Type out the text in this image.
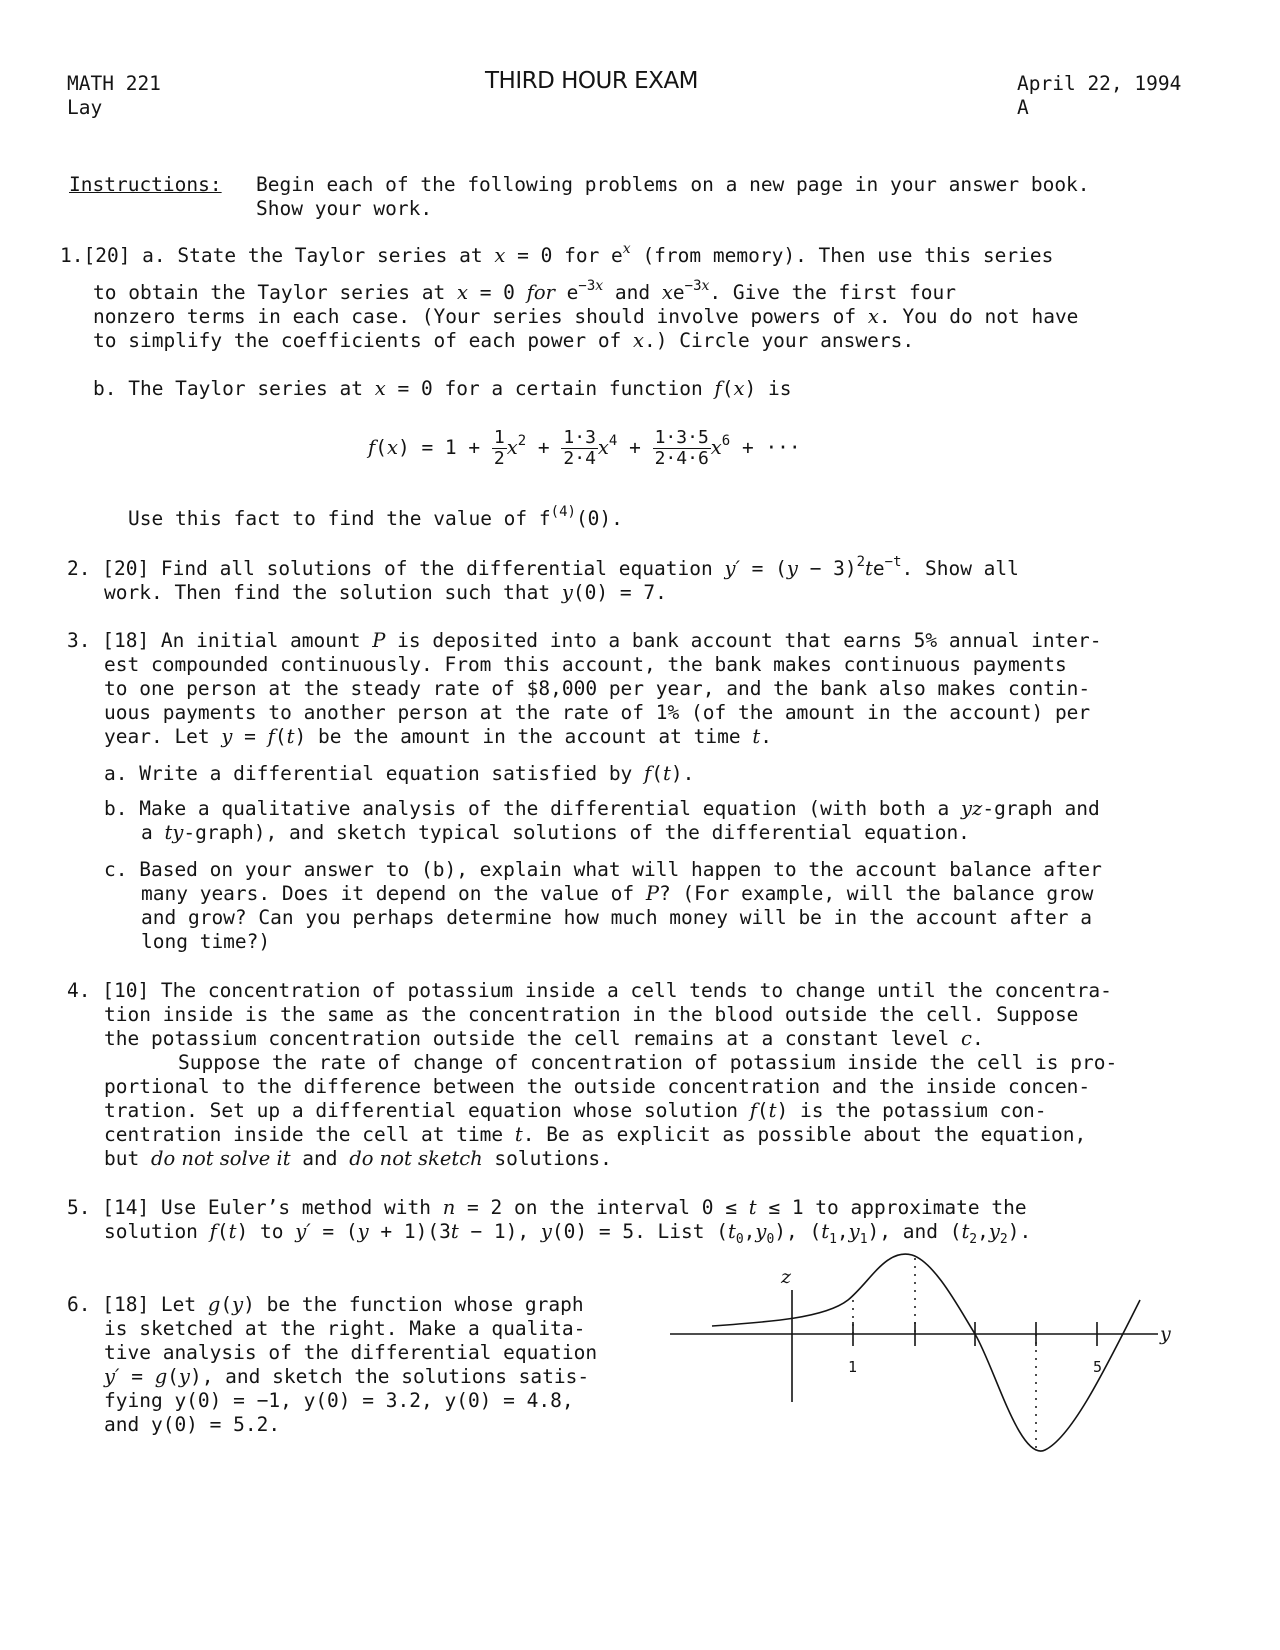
MATH 221
Lay
THIRD HOUR EXAM	April 22, 1994
A
Instructions: Begin each of the following problems on a new page in your answer book.
Show your work.
1.[20] a. State the Taylor series at x = 0 for $e^x$ (from memory). Then use this series
to obtain the Taylor series at x = 0 for $e^{-3x}$ and $xe^{-3x}$. Give the first four
nonzero terms in each case. (Your series should involve powers of x. You do not have
to simplify the coefficients of each power of x.) Circle your answers.
b. The Taylor series at x = 0 for a certain function f(x) is
$f(x) = 1 + \frac{1}{2} x^2 + \frac{1\cdot 3}{2\cdot 4} x^4 + \frac{1\cdot 3\cdot 5}{2\cdot 4\cdot 6} x^6$ + ···
Use this fact to find the value of $f^{(4)}(0)$.
2. [20] Find all solutions of the differential equation $y' = (y - 3)^2te^{-t}$. Show all
work. Then find the solution such that y(0) = 7.
3. [18] An initial amount P is deposited into a bank account that earns 5% annual inter-
est compounded continuously. From this account, the bank makes continuous payments
to one person at the steady rate of $8,000 per year, and the bank also makes contin-
uous payments to another person at the rate of 1% (of the amount in the account) per
year. Let y = f(t) be the amount in the account at time t.
a. Write a differential equation satisfied by f(t).
b. Make a qualitative analysis of the differential equation (with both a yz-graph and
a ty-graph), and sketch typical solutions of the differential equation.
c. Based on your answer to (b), explain what will happen to the account balance after
many years. Does it depend on the value of P? (For example, will the balance grow
and grow? Can you perhaps determine how much money will be in the account after a
long time?)
4. [10] The concentration of potassium inside a cell tends to change until the concentra-
tion inside is the same as the concentration in the blood outside the cell. Suppose
the potassium concentration outside the cell remains at a constant level c.
Suppose the rate of change of concentration of potassium inside the cell is pro-
portional to the difference between the outside concentration and the inside concen-
tration. Set up a differential equation whose solution f(t) is the potassium con-
centration inside the cell at time t. Be as explicit as possible about the equation,
but do not solve it and do not sketch solutions.
5. [14] Use Euler’s method with n = 2 on the interval 0 ≤ t ≤ 1 to approximate the
solution f(t) to y′ = (y + 1)(3t − 1), y(0) = 5. List $(t_0,y_0)$, $(t_1,y_1)$, and $(t_2,y_2)$.
6. [18] Let g(y) be the function whose graph
is sketched at the right. Make a qualita-
tive analysis of the differential equation
y′ = g(y), and sketch the solutions satis-
fying y(0) = −1, y(0) = 3.2, y(0) = 4.8,
and y(0) = 5.2.
z
y
1	5
